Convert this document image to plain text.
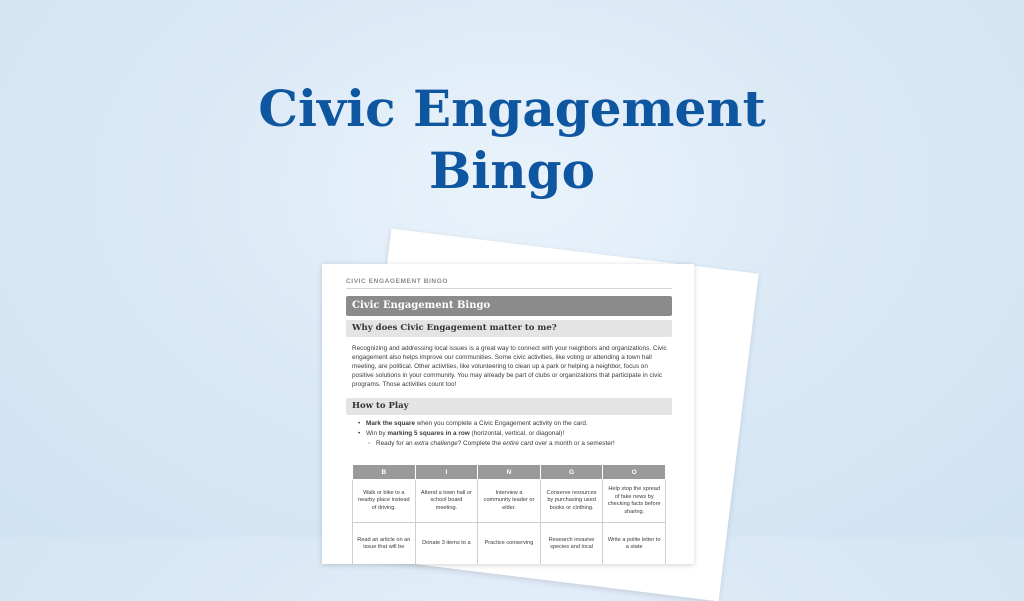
Civic Engagement
Bingo
CIVIC ENGAGEMENT BINGO
Civic Engagement Bingo
Why does Civic Engagement matter to me?
Recognizing and addressing local issues is a great way to connect with your neighbors and organizations. Civic engagement also helps improve our communities. Some civic activities, like voting or attending a town hall meeting, are political. Other activities, like volunteering to clean up a park or helping a neighbor, focus on positive solutions in your community. You may already be part of clubs or organizations that participate in civic programs. Those activities count too!
How to Play
• Mark the square when you complete a Civic Engagement activity on the card.
• Win by marking 5 squares in a row (horizontal, vertical, or diagonal)!
◦ Ready for an extra challenge? Complete the entire card over a month or a semester!
B	I	N	G	O
Walk or bike to a nearby place instead of driving.	Attend a town hall or school board meeting.	Interview a community leader or elder.	Conserve resources by purchasing used books or clothing.	Help stop the spread of fake news by checking facts before sharing.
Read an article on an issue that will be	Donate 3 items to a	Practice conserving	Research invasive species and local	Write a polite letter to a state
